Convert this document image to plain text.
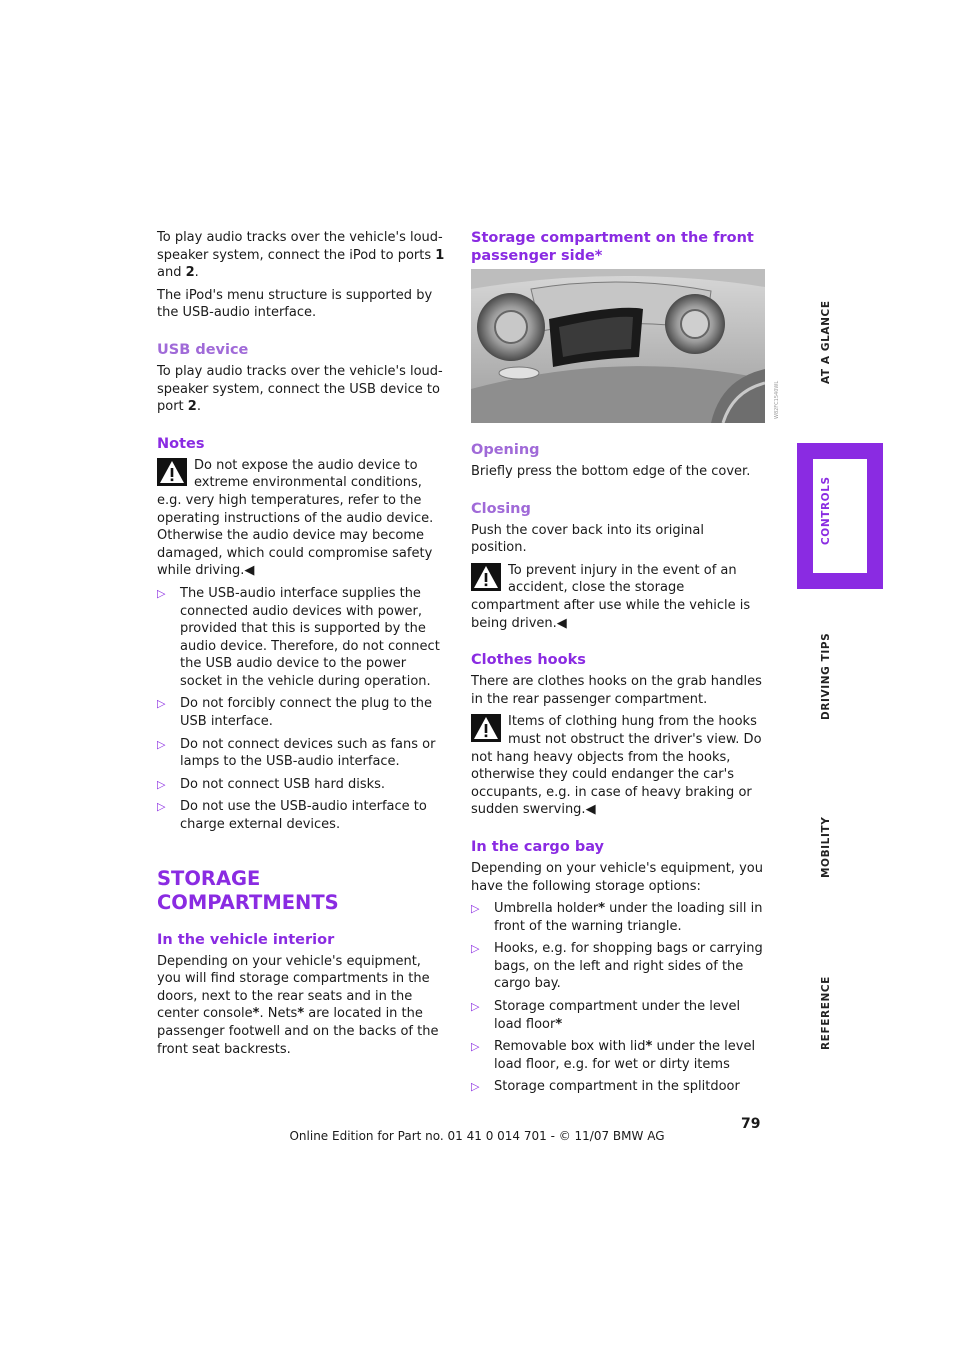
To play audio tracks over the vehicle's loudspeaker system, connect the iPod to ports 1 and 2.

The iPod's menu structure is supported by the USB-audio interface.

USB device

To play audio tracks over the vehicle's loudspeaker system, connect the USB device to port 2.

Notes
Do not expose the audio device to extreme environmental conditions, e.g. very high temperatures, refer to the operating instructions of the audio device. Otherwise the audio device may become damaged, which could compromise safety while driving.◀
▷ The USB-audio interface supplies the connected audio devices with power, provided that this is supported by the audio device. Therefore, do not connect the USB audio device to the power socket in the vehicle during operation.
▷ Do not forcibly connect the plug to the USB interface.
▷ Do not connect devices such as fans or lamps to the USB-audio interface.
▷ Do not connect USB hard disks.
▷ Do not use the USB-audio interface to charge external devices.
STORAGE COMPARTMENTS
In the vehicle interior

Depending on your vehicle's equipment, you will find storage compartments in the doors, next to the rear seats and in the center console*. Nets* are located in the passenger footwell and on the backs of the front seat backrests.

Storage compartment on the front passenger side*
W82FC1540WL
Opening

Briefly press the bottom edge of the cover.

Closing

Push the cover back into its original position.

To prevent injury in the event of an accident, close the storage compartment after use while the vehicle is being driven.◀
Clothes hooks

There are clothes hooks on the grab handles in the rear passenger compartment.

Items of clothing hung from the hooks must not obstruct the driver's view. Do not hang heavy objects from the hooks, otherwise they could endanger the car's occupants, e.g. in case of heavy braking or sudden swerving.◀
In the cargo bay

Depending on your vehicle's equipment, you have the following storage options:

▷ Umbrella holder* under the loading sill in front of the warning triangle.
▷ Hooks, e.g. for shopping bags or carrying bags, on the left and right sides of the cargo bay.
▷ Storage compartment under the level load floor*
▷ Removable box with lid* under the level load floor, e.g. for wet or dirty items
▷ Storage compartment in the splitdoor
AT A GLANCE
CONTROLS
DRIVING TIPS
MOBILITY
REFERENCE
79
Online Edition for Part no. 01 41 0 014 701 - © 11/07 BMW AG
